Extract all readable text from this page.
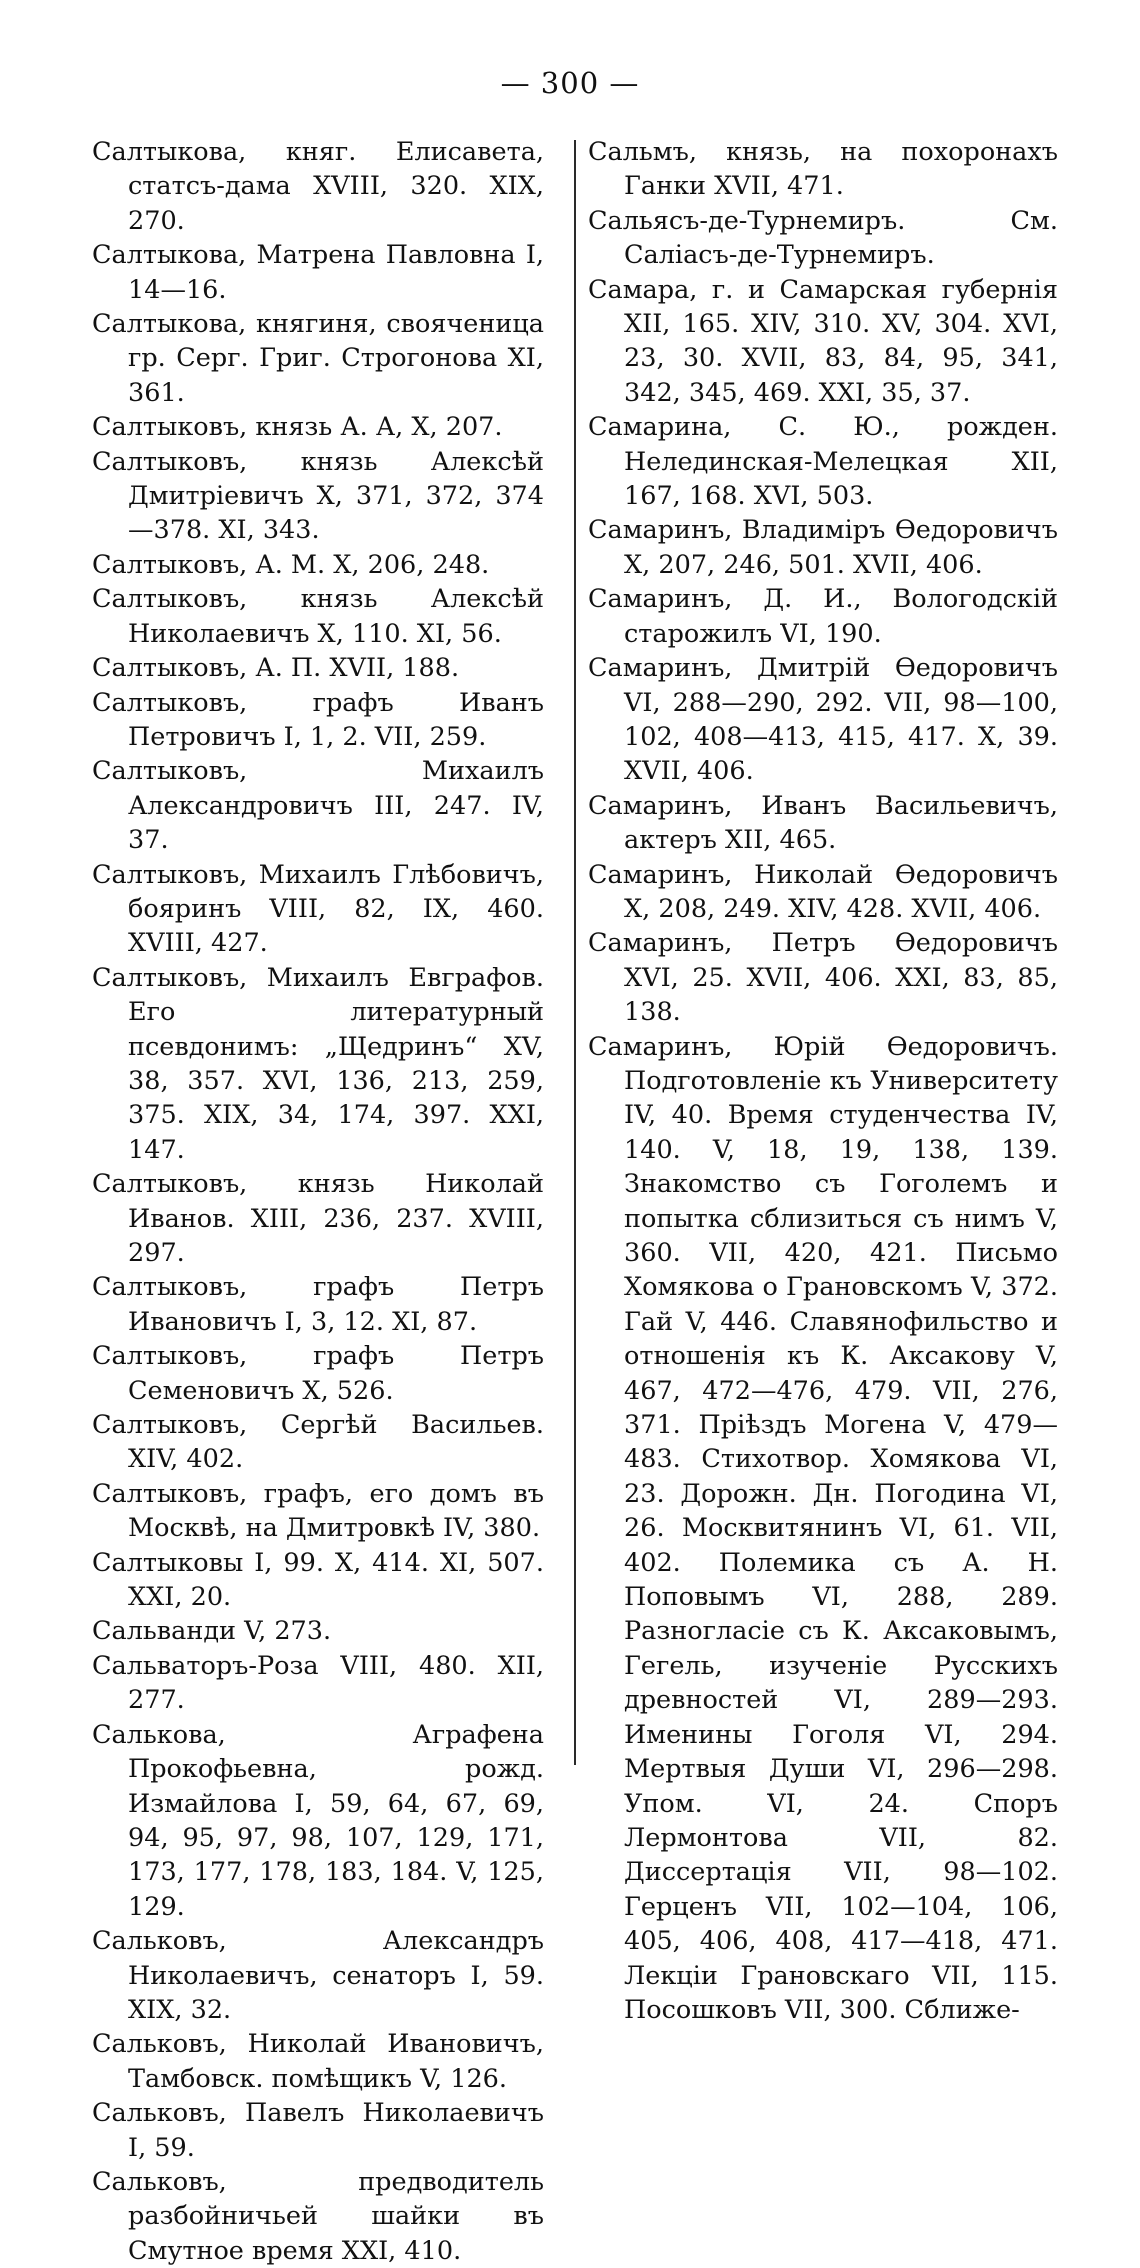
— 300 —

Салтыкова, княг. Елисавета, статсъ-дама XVIII, 320. XIX, 270.

Салтыкова, Матрена Павловна I, 14—16.

Салтыкова, княгиня, свояченица гр. Серг. Григ. Строгонова XI, 361.

Салтыковъ, князь А. А, X, 207.

Салтыковъ, князь Алексѣй Дмитріевичъ X, 371, 372, 374—378. XI, 343.

Салтыковъ, А. М. X, 206, 248.

Салтыковъ, князь Алексѣй Николаевичъ X, 110. XI, 56.

Салтыковъ, А. П. XVII, 188.

Салтыковъ, графъ Иванъ Петровичъ I, 1, 2. VII, 259.

Салтыковъ, Михаилъ Александровичъ III, 247. IV, 37.

Салтыковъ, Михаилъ Глѣбовичъ, бояринъ VIII, 82, IX, 460. XVIII, 427.

Салтыковъ, Михаилъ Евграфов. Его литературный псевдонимъ: „Щедринъ“ XV, 38, 357. XVI, 136, 213, 259, 375. XIX, 34, 174, 397. XXI, 147.

Салтыковъ, князь Николай Иванов. XIII, 236, 237. XVIII, 297.

Салтыковъ, графъ Петръ Ивановичъ I, 3, 12. XI, 87.

Салтыковъ, графъ Петръ Семеновичъ X, 526.

Салтыковъ, Сергѣй Васильев. XIV, 402.

Салтыковъ, графъ, его домъ въ Москвѣ, на Дмитровкѣ IV, 380.

Салтыковы I, 99. X, 414. XI, 507. XXI, 20.

Сальванди V, 273.

Сальваторъ-Роза VIII, 480. XII, 277.

Салькова, Аграфена Прокофьевна, рожд. Измайлова I, 59, 64, 67, 69, 94, 95, 97, 98, 107, 129, 171, 173, 177, 178, 183, 184. V, 125, 129.

Сальковъ, Александръ Николаевичъ, сенаторъ I, 59. XIX, 32.

Сальковъ, Николай Ивановичъ, Тамбовск. помѣщикъ V, 126.

Сальковъ, Павелъ Николаевичъ I, 59.

Сальковъ, предводитель разбойничьей шайки въ Смутное время XXI, 410.

Сальмъ, князь, на похоронахъ Ганки XVII, 471.

Сальясъ-де-Турнемиръ. См. Саліасъ-де-Турнемиръ.

Самара, г. и Самарская губернія XII, 165. XIV, 310. XV, 304. XVI, 23, 30. XVII, 83, 84, 95, 341, 342, 345, 469. XXI, 35, 37.

Самарина, С. Ю., рожден. Нелединская-Мелецкая XII, 167, 168. XVI, 503.

Самаринъ, Владиміръ Ѳедоровичъ X, 207, 246, 501. XVII, 406.

Самаринъ, Д. И., Вологодскій старожилъ VI, 190.

Самаринъ, Дмитрій Ѳедоровичъ VI, 288—290, 292. VII, 98—100, 102, 408—413, 415, 417. X, 39. XVII, 406.

Самаринъ, Иванъ Васильевичъ, актеръ XII, 465.

Самаринъ, Николай Ѳедоровичъ X, 208, 249. XIV, 428. XVII, 406.

Самаринъ, Петръ Ѳедоровичъ XVI, 25. XVII, 406. XXI, 83, 85, 138.

Самаринъ, Юрій Ѳедоровичъ. Подготовленіе къ Университету IV, 40. Время студенчества IV, 140. V, 18, 19, 138, 139. Знакомство съ Гоголемъ и попытка сблизиться съ нимъ V, 360. VII, 420, 421. Письмо Хомякова о Грановскомъ V, 372. Гай V, 446. Славянофильство и отношенія къ К. Аксакову V, 467, 472—476, 479. VII, 276, 371. Пріѣздъ Могена V, 479—483. Стихотвор. Хомякова VI, 23. Дорожн. Дн. Погодина VI, 26. Москвитянинъ VI, 61. VII, 402. Полемика съ А. Н. Поповымъ VI, 288, 289. Разногласіе съ К. Аксаковымъ, Гегель, изученіе Русскихъ древностей VI, 289—293. Именины Гоголя VI, 294. Мертвыя Души VI, 296—298. Упом. VI, 24. Споръ Лермонтова VII, 82. Диссертація VII, 98—102. Герценъ VII, 102—104, 106, 405, 406, 408, 417—418, 471. Лекціи Грановскаго VII, 115. Посошковъ VII, 300. Сближе-
